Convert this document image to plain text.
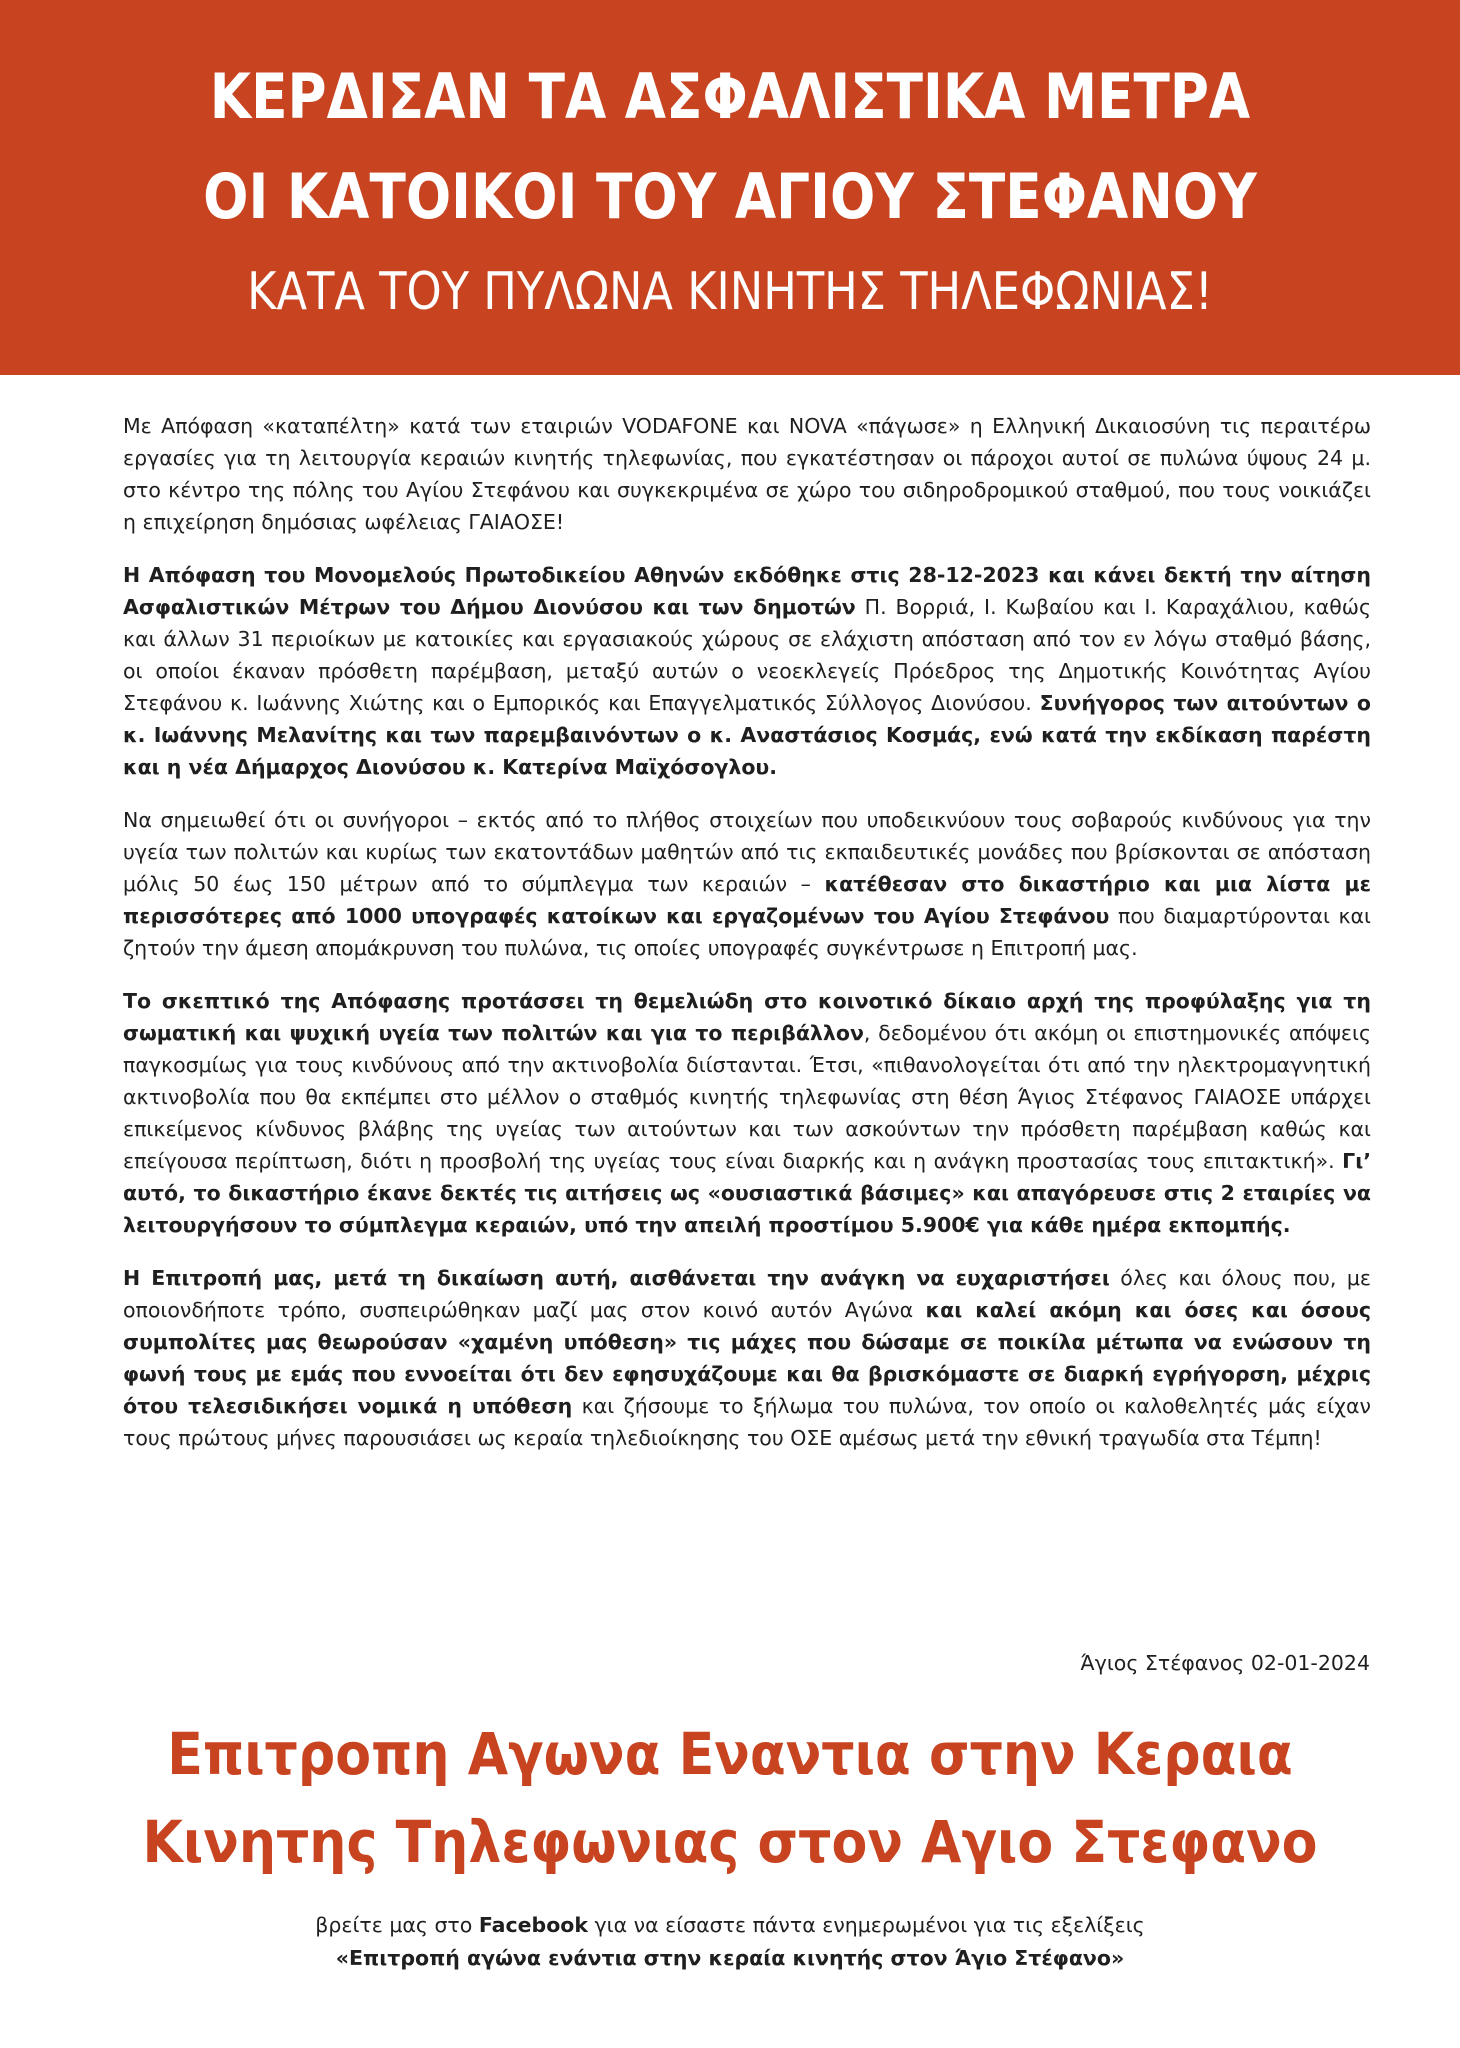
ΚΕΡΔΙΣΑΝ ΤΑ ΑΣΦΑΛΙΣΤΙΚΑ ΜΕΤΡΑ
ΟΙ ΚΑΤΟΙΚΟΙ ΤΟΥ ΑΓΙΟΥ ΣΤΕΦΑΝΟΥ
ΚΑΤΑ ΤΟΥ ΠΥΛΩΝΑ ΚΙΝΗΤΗΣ ΤΗΛΕΦΩΝΙΑΣ!

Με Απόφαση «καταπέλτη» κατά των εταιριών VODAFONE και NOVA «πάγωσε» η Ελληνική Δικαιοσύνη τις περαιτέρω εργασίες για τη λειτουργία κεραιών κινητής τηλεφωνίας, που εγκατέστησαν οι πάροχοι αυτοί σε πυλώνα ύψους 24 μ. στο κέντρο της πόλης του Αγίου Στεφάνου και συγκεκριμένα σε χώρο του σιδηροδρομικού σταθμού, που τους νοικιάζει η επιχείρηση δημόσιας ωφέλειας ΓΑΙΑΟΣΕ!

Η Απόφαση του Μονομελούς Πρωτοδικείου Αθηνών εκδόθηκε στις 28-12-2023 και κάνει δεκτή την αίτηση Ασφαλιστικών Μέτρων του Δήμου Διονύσου και των δημοτών Π. Βορριά, Ι. Κωβαίου και Ι. Καραχάλιου, καθώς και άλλων 31 περιοίκων με κατοικίες και εργασιακούς χώρους σε ελάχιστη απόσταση από τον εν λόγω σταθμό βάσης, οι οποίοι έκαναν πρόσθετη παρέμβαση, μεταξύ αυτών ο νεοεκλεγείς Πρόεδρος της Δημοτικής Κοινότητας Αγίου Στεφάνου κ. Ιωάννης Χιώτης και ο Εμπορικός και Επαγγελματικός Σύλλογος Διονύσου. Συνήγορος των αιτούντων ο κ. Ιωάννης Μελανίτης και των παρεμβαινόντων ο κ. Αναστάσιος Κοσμάς, ενώ κατά την εκδίκαση παρέστη και η νέα Δήμαρχος Διονύσου κ. Κατερίνα Μαϊχόσογλου.

Να σημειωθεί ότι οι συνήγοροι – εκτός από το πλήθος στοιχείων που υποδεικνύουν τους σοβαρούς κινδύνους για την υγεία των πολιτών και κυρίως των εκατοντάδων μαθητών από τις εκπαιδευτικές μονάδες που βρίσκονται σε απόσταση μόλις 50 έως 150 μέτρων από το σύμπλεγμα των κεραιών – κατέθεσαν στο δικαστήριο και μια λίστα με περισσότερες από 1000 υπογραφές κατοίκων και εργαζομένων του Αγίου Στεφάνου που διαμαρτύρονται και ζητούν την άμεση απομάκρυνση του πυλώνα, τις οποίες υπογραφές συγκέντρωσε η Επιτροπή μας.

Το σκεπτικό της Απόφασης προτάσσει τη θεμελιώδη στο κοινοτικό δίκαιο αρχή της προφύλαξης για τη σωματική και ψυχική υγεία των πολιτών και για το περιβάλλον, δεδομένου ότι ακόμη οι επιστημονικές απόψεις παγκοσμίως για τους κινδύνους από την ακτινοβολία διίστανται. Έτσι, «πιθανολογείται ότι από την ηλεκτρομαγνητική ακτινοβολία που θα εκπέμπει στο μέλλον ο σταθμός κινητής τηλεφωνίας στη θέση Άγιος Στέφανος ΓΑΙΑΟΣΕ υπάρχει επικείμενος κίνδυνος βλάβης της υγείας των αιτούντων και των ασκούντων την πρόσθετη παρέμβαση καθώς και επείγουσα περίπτωση, διότι η προσβολή της υγείας τους είναι διαρκής και η ανάγκη προστασίας τους επιτακτική». Γι’ αυτό, το δικαστήριο έκανε δεκτές τις αιτήσεις ως «ουσιαστικά βάσιμες» και απαγόρευσε στις 2 εταιρίες να λειτουργήσουν το σύμπλεγμα κεραιών, υπό την απειλή προστίμου 5.900€ για κάθε ημέρα εκπομπής.

Η Επιτροπή μας, μετά τη δικαίωση αυτή, αισθάνεται την ανάγκη να ευχαριστήσει όλες και όλους που, με οποιονδήποτε τρόπο, συσπειρώθηκαν μαζί μας στον κοινό αυτόν Αγώνα και καλεί ακόμη και όσες και όσους συμπολίτες μας θεωρούσαν «χαμένη υπόθεση» τις μάχες που δώσαμε σε ποικίλα μέτωπα να ενώσουν τη φωνή τους με εμάς που εννοείται ότι δεν εφησυχάζουμε και θα βρισκόμαστε σε διαρκή εγρήγορση, μέχρις ότου τελεσιδικήσει νομικά η υπόθεση και ζήσουμε το ξήλωμα του πυλώνα, τον οποίο οι καλοθελητές μάς είχαν τους πρώτους μήνες παρουσιάσει ως κεραία τηλεδιοίκησης του ΟΣΕ αμέσως μετά την εθνική τραγωδία στα Τέμπη!

Άγιος Στέφανος 02-01-2024
Επιτροπη Αγωνα Εναντια στην Κεραια
Κινητης Τηλεφωνιας στον Αγιο Στεφανο
βρείτε μας στο Facebook για να είσαστε πάντα ενημερωμένοι για τις εξελίξεις
«Επιτροπή αγώνα ενάντια στην κεραία κινητής στον Άγιο Στέφανο»
